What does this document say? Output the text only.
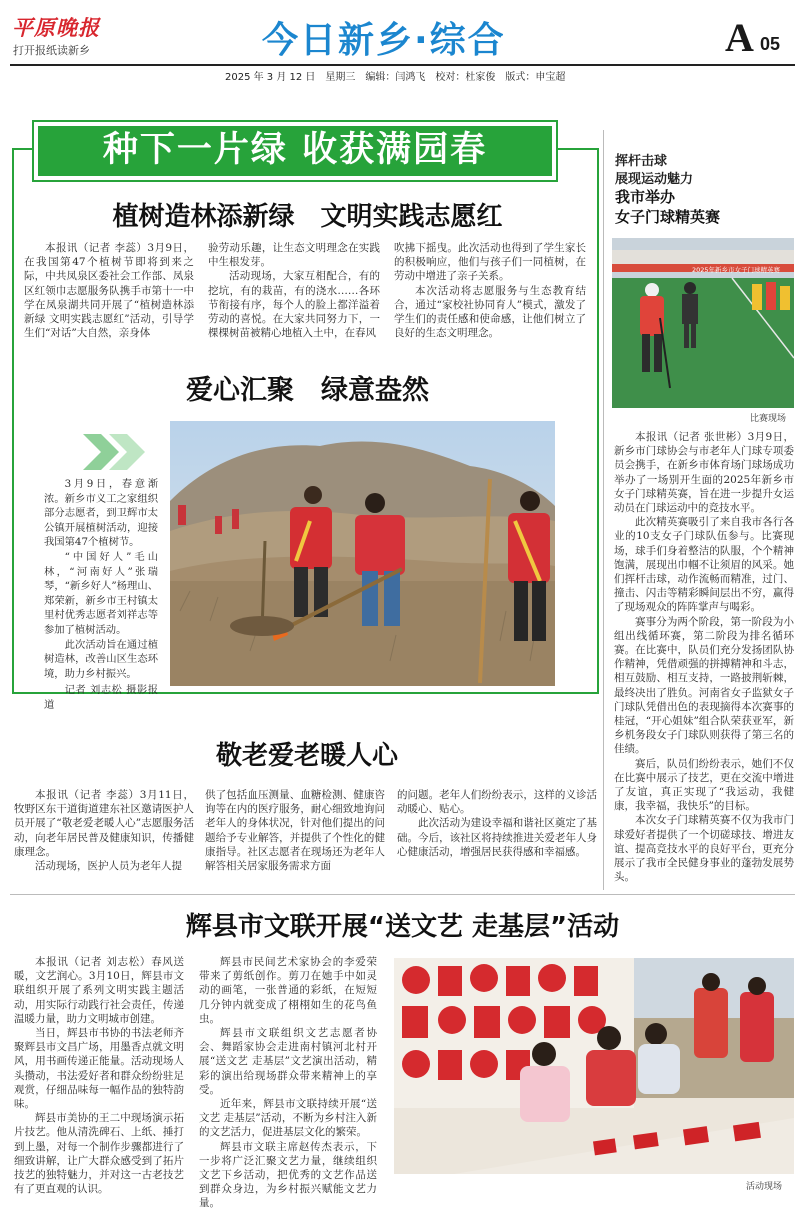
平原晚报
打开报纸读新乡	今日新乡·综合	A 05
2025 年 3 月 12 日　星期三　编辑：闫鸿飞　校对：杜家俊　版式：申宝超
种下一片绿 收获满园春
植树造林添新绿　文明实践志愿红

本报讯（记者 李蕊）3月9日，在我国第47个植树节即将到来之际，中共凤泉区委社会工作部、凤泉区红领巾志愿服务队携手市第十一中学在凤泉湖共同开展了“植树造林添新绿 文明实践志愿红”活动，引导学生们“对话”大自然，亲身体

验劳动乐趣，让生态文明理念在实践中生根发芽。

活动现场，大家互相配合，有的挖坑，有的栽苗，有的浇水……各环节衔接有序，每个人的脸上都洋溢着劳动的喜悦。在大家共同努力下，一棵棵树苗被精心地植入土中，在春风

吹拂下摇曳。此次活动也得到了学生家长的积极响应，他们与孩子们一同植树，在劳动中增进了亲子关系。

本次活动将志愿服务与生态教育结合，通过“家校社协同育人”模式，激发了学生们的责任感和使命感，让他们树立了良好的生态文明理念。

爱心汇聚　绿意盎然

3月9日，春意渐浓。新乡市义工之家组织部分志愿者，到卫辉市太公镇开展植树活动，迎接我国第47个植树节。

“中国好人”毛山林，“河南好人”张瑞琴，“新乡好人”杨理山、郑荣新，新乡市王村镇太里村优秀志愿者刘祥志等参加了植树活动。

此次活动旨在通过植树造林，改善山区生态环境，助力乡村振兴。

记者 刘志松 摄影报道

敬老爱老暖人心

本报讯（记者 李蕊）3月11日，牧野区东干道街道建东社区邀请医护人员开展了“敬老爱老暖人心”志愿服务活动，向老年居民普及健康知识，传播健康理念。

活动现场，医护人员为老年人提

供了包括血压测量、血糖检测、健康咨询等在内的医疗服务，耐心细致地询问老年人的身体状况，针对他们提出的问题给予专业解答，并提供了个性化的健康指导。社区志愿者在现场还为老年人解答相关居家服务需求方面

的问题。老年人们纷纷表示，这样的义诊活动暖心、贴心。

此次活动为建设幸福和谐社区奠定了基础。今后，该社区将持续推进关爱老年人身心健康活动，增强居民获得感和幸福感。

挥杆击球
展现运动魅力
我市举办
女子门球精英赛
2025年新乡市女子门球精英赛
比赛现场

本报讯（记者 张世彬）3月9日，新乡市门球协会与市老年人门球专项委员会携手，在新乡市体育场门球场成功举办了一场别开生面的2025年新乡市女子门球精英赛，旨在进一步提升女运动员在门球运动中的竞技水平。

此次精英赛吸引了来自我市各行各业的10支女子门球队伍参与。比赛现场，球手们身着整洁的队服，个个精神饱满，展现出巾帼不让须眉的风采。她们挥杆击球，动作流畅而精准，过门、撞击、闪击等精彩瞬间层出不穷，赢得了现场观众的阵阵掌声与喝彩。

赛事分为两个阶段，第一阶段为小组出线循环赛，第二阶段为排名循环赛。在比赛中，队员们充分发扬团队协作精神，凭借顽强的拼搏精神和斗志，相互鼓励、相互支持，一路披荆斩棘，最终决出了胜负。河南省女子监狱女子门球队凭借出色的表现摘得本次赛事的桂冠，“开心姐妹”组合队荣获亚军，新乡机务段女子门球队则获得了第三名的佳绩。

赛后，队员们纷纷表示，她们不仅在比赛中展示了技艺，更在交流中增进了友谊，真正实现了“我运动，我健康，我幸福，我快乐”的目标。

本次女子门球精英赛不仅为我市门球爱好者提供了一个切磋球技、增进友谊、提高竞技水平的良好平台，更充分展示了我市全民健身事业的蓬勃发展势头。

辉县市文联开展“送文艺 走基层”活动

本报讯（记者 刘志松）春风送暖，文艺润心。3月10日，辉县市文联组织开展了系列文明实践主题活动，用实际行动践行社会责任，传递温暖力量，助力文明城市创建。

当日，辉县市书协的书法老师齐聚辉县市文昌广场，用墨香点就文明风，用书画传递正能量。活动现场人头攒动，书法爱好者和群众纷纷驻足观赏，仔细品味每一幅作品的独特韵味。

辉县市美协的王二中现场演示拓片技艺。他从清洗碑石、上纸、捶打到上墨，对每一个制作步骤都进行了细致讲解，让广大群众感受到了拓片技艺的独特魅力，并对这一古老技艺有了更直观的认识。

辉县市民间艺术家协会的李爱荣带来了剪纸创作。剪刀在她手中如灵动的画笔，一张普通的彩纸，在短短几分钟内就变成了栩栩如生的花鸟鱼虫。

辉县市文联组织文艺志愿者协会、舞蹈家协会走进南村镇河北村开展“送文艺 走基层”文艺演出活动，精彩的演出给现场群众带来精神上的享受。

近年来，辉县市文联持续开展“送文艺 走基层”活动，不断为乡村注入新的文艺活力，促进基层文化的繁荣。

辉县市文联主席赵传杰表示，下一步将广泛汇聚文艺力量，继续组织文艺下乡活动，把优秀的文艺作品送到群众身边，为乡村振兴赋能文艺力量。

活动现场
